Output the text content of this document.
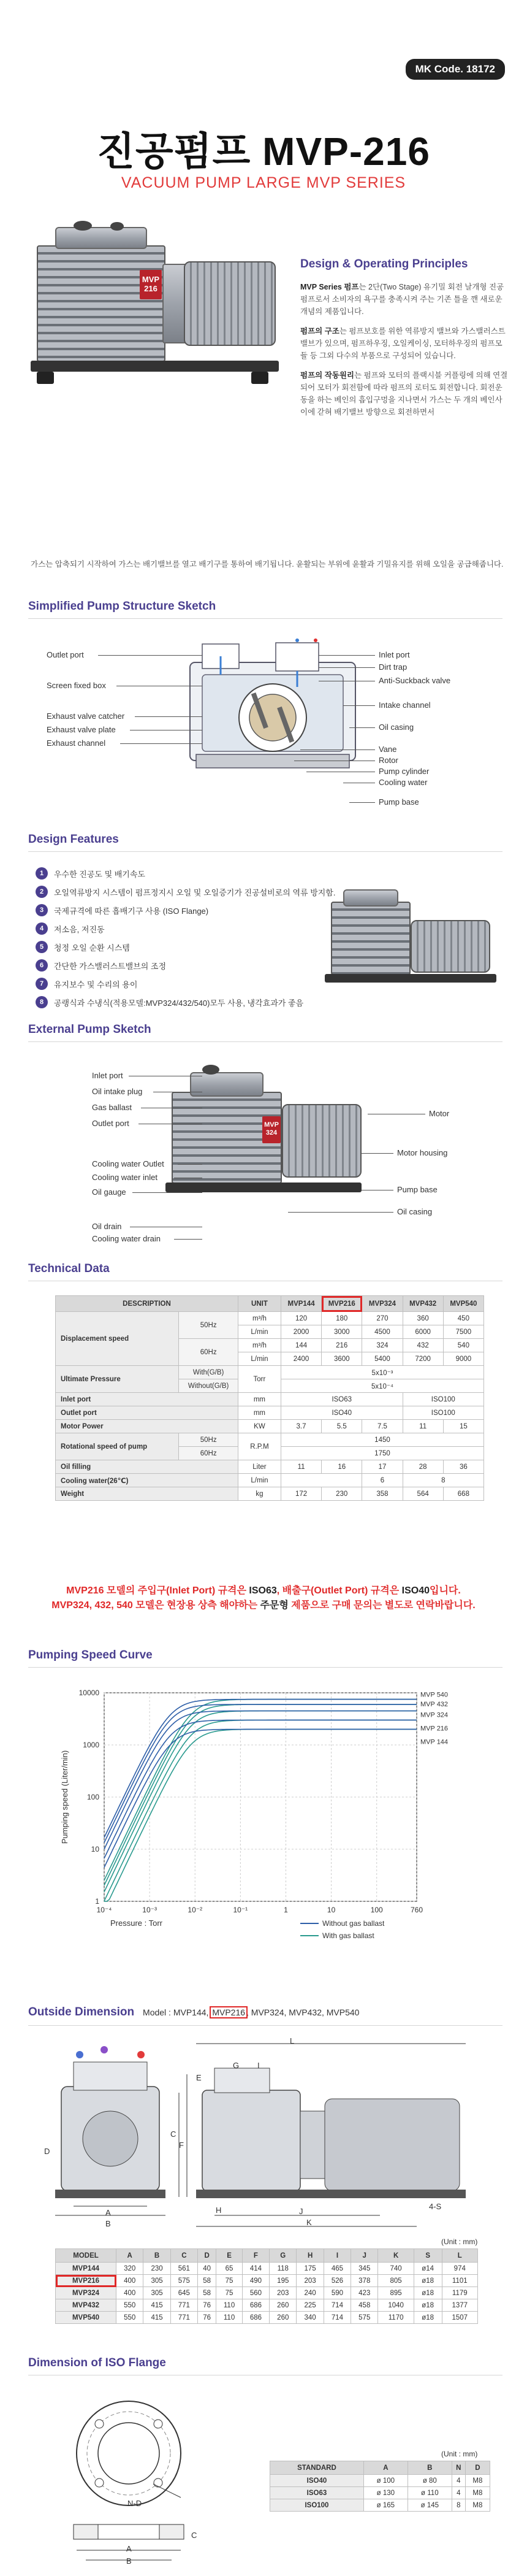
MK Code. 18172
진공펌프 MVP-216
VACUUM PUMP LARGE MVP SERIES
MVP
216
Design & Operating Principles

MVP Series 펌프는 2단(Two Stage) 유기밀 회전 날개형 진공펌프로서 소비자의 욕구를 충족시켜 주는 기존 틀을 깬 새로운 개념의 제품입니다.

펌프의 구조는 펌프보호를 위한 역류방지 밸브와 가스밸러스트 밸브가 있으며, 펌프하우징, 오일케이싱, 모터하우징의 펌프모듈 등 그외 다수의 부품으로 구성되어 있습니다.

펌프의 작동원리는 펌프와 모터의 플랙시블 커플링에 의해 연결되어 모터가 회전함에 따라 펌프의 로터도 회전합니다. 회전운동을 하는 베인의 흡입구멍을 지나면서 가스는 두 개의 베인사이에 갇혀 배기밸브 방향으로 회전하면서

가스는 압축되기 시작하여 가스는 배기밸브를 열고 배기구를 통하여 배기됩니다. 윤활되는 부위에 윤활과 기밀유지를 위해 오일을 공급해줍니다.
Simplified Pump Structure Sketch
Outlet port
Screen fixed box
Exhaust valve catcher
Exhaust valve plate
Exhaust channel
Inlet port
Dirt trap
Anti-Suckback valve
Intake channel
Oil casing
Vane
Rotor
Pump cylinder
Cooling water
Pump base
Design Features
1	우수한 진공도 및 배기속도
2	오일역류방지 시스템이 펌프정지시 오일 및 오일증기가 진공설비로의 역류 방지함.
3	국제규격에 따른 흡배기구 사용 (ISO Flange)
4	저소음, 저진동
5	청정 오일 순환 시스템
6	간단한 가스밸러스트밸브의 조정
7	유지보수 및 수리의 용이
8	공랭식과 수냉식(적용모델:MVP324/432/540)모두 사용, 냉각효과가 좋음
External Pump Sketch
MVP 324
Inlet port
Oil intake plug
Gas ballast
Outlet port
Cooling water Outlet
Cooling water inlet
Oil gauge
Oil drain
Cooling water drain
Motor
Motor housing
Pump base
Oil casing
Technical Data
DESCRIPTION		UNIT	MVP144	MVP216	MVP324	MVP432	MVP540
Displacement speed	50Hz	m³/h	120	180	270	360	450
		L/min	2000	3000	4500	6000	7500
	60Hz	m³/h	144	216	324	432	540
		L/min	2400	3600	5400	7200	9000
Ultimate Pressure	With(G/B)	Torr	5x10⁻³				
	Without(G/B)		5x10⁻⁴				
Inlet port		mm	ISO63			ISO100	
Outlet port		mm	ISO40			ISO100	
Motor Power		KW	3.7	5.5	7.5	11	15
Rotational speed of pump	50Hz	R.P.M	1450				
	60Hz		1750				
Oil filling		Liter	11	16	17	28	36
Cooling water(26℃)		L/min			6	8	
Weight		kg	172	230	358	564	668
MVP216 모델의 주입구(Inlet Port) 규격은 ISO63, 배출구(Outlet Port) 규격은 ISO40입니다.
MVP324, 432, 540 모델은 현장용 상측 해야하는 주문형 제품으로 구매 문의는 별도로 연락바랍니다.
Pumping Speed Curve
10000
1000
100
10
1
10⁻⁴	10⁻³	10⁻²	10⁻¹	1	10	100	760
Pumping speed (Liter/min)
Pressure : Torr
MVP 540
MVP 432
MVP 324
MVP 216
MVP 144
Without gas ballast
With gas ballast
Outside Dimension Model : MVP144, MVP216 , MVP324, MVP432, MVP540
L
A
B
C
D
E
F
G
H
I
J
K
4-S
(Unit : mm)
MODEL	A	B	C	D	E	F	G	H	I	J	K	S	L
MVP144	320	230	561	40	65	414	118	175	465	345	740	ø14	974
MVP216	400	305	575	58	75	490	195	203	526	378	805	ø18	1101
MVP324	400	305	645	58	75	560	203	240	590	423	895	ø18	1179
MVP432	550	415	771	76	110	686	260	225	714	458	1040	ø18	1377
MVP540	550	415	771	76	110	686	260	340	714	575	1170	ø18	1507
Dimension of ISO Flange
N-D
A
B
C
(Unit : mm)
STANDARD	A	B	N	D
ISO40	ø 100	ø 80	4	M8
ISO63	ø 130	ø 110	4	M8
ISO100	ø 165	ø 145	8	M8
